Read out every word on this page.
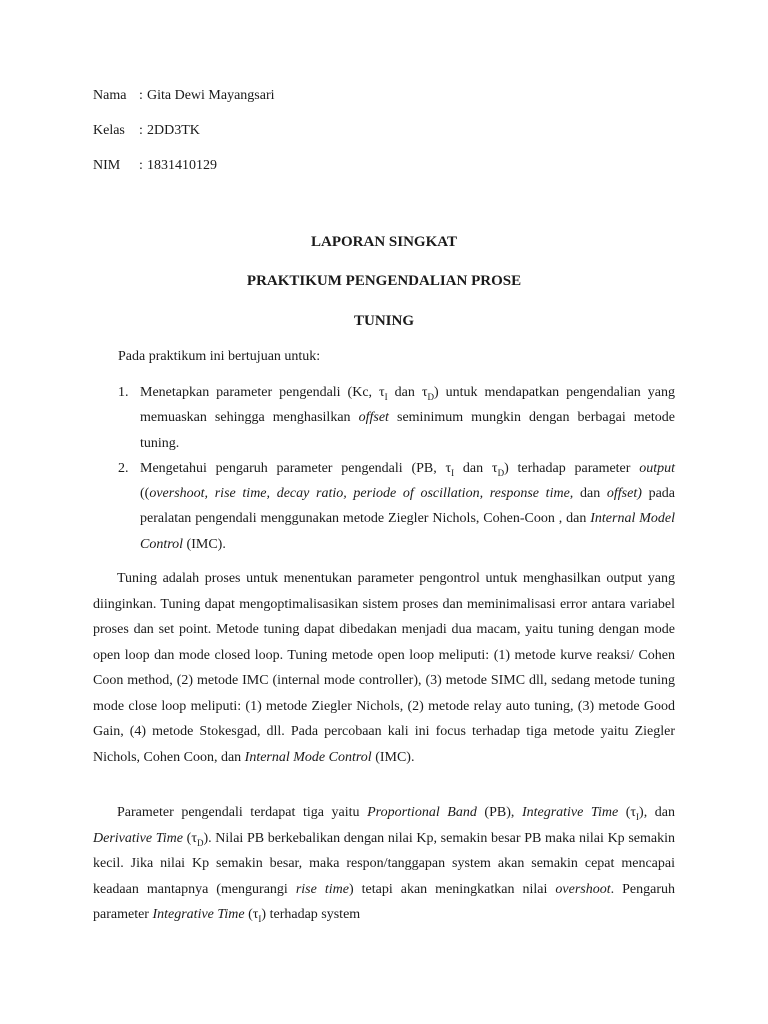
Nama : Gita Dewi Mayangsari
Kelas : 2DD3TK
NIM : 1831410129
LAPORAN SINGKAT
PRAKTIKUM PENGENDALIAN PROSE
TUNING
Pada praktikum ini bertujuan untuk:
1. Menetapkan parameter pengendali (Kc, $\tau_I$ dan $\tau_D$) untuk mendapatkan pengendalian yang memuaskan sehingga menghasilkan offset seminimum mungkin dengan berbagai metode tuning.
2. Mengetahui pengaruh parameter pengendali (PB, $\tau_I$ dan $\tau_D$) terhadap parameter output ((overshoot, rise time, decay ratio, periode of oscillation, response time, dan offset) pada peralatan pengendali menggunakan metode Ziegler Nichols, Cohen-Coon , dan Internal Model Control (IMC).

Tuning adalah proses untuk menentukan parameter pengontrol untuk menghasilkan output yang diinginkan. Tuning dapat mengoptimalisasikan sistem proses dan meminimalisasi error antara variabel proses dan set point. Metode tuning dapat dibedakan menjadi dua macam, yaitu tuning dengan mode open loop dan mode closed loop. Tuning metode open loop meliputi: (1) metode kurve reaksi/ Cohen Coon method, (2) metode IMC (internal mode controller), (3) metode SIMC dll, sedang metode tuning mode close loop meliputi: (1) metode Ziegler Nichols, (2) metode relay auto tuning, (3) metode Good Gain, (4) metode Stokesgad, dll. Pada percobaan kali ini focus terhadap tiga metode yaitu Ziegler Nichols, Cohen Coon, dan Internal Mode Control (IMC).

Parameter pengendali terdapat tiga yaitu Proportional Band (PB), Integrative Time $(\tau_I)$, dan Derivative Time $(\tau_D)$. Nilai PB berkebalikan dengan nilai Kp, semakin besar PB maka nilai Kp semakin kecil. Jika nilai Kp semakin besar, maka respon/tanggapan system akan semakin cepat mencapai keadaan mantapnya (mengurangi rise time) tetapi akan meningkatkan nilai overshoot. Pengaruh parameter Integrative Time $(\tau_I)$ terhadap system
